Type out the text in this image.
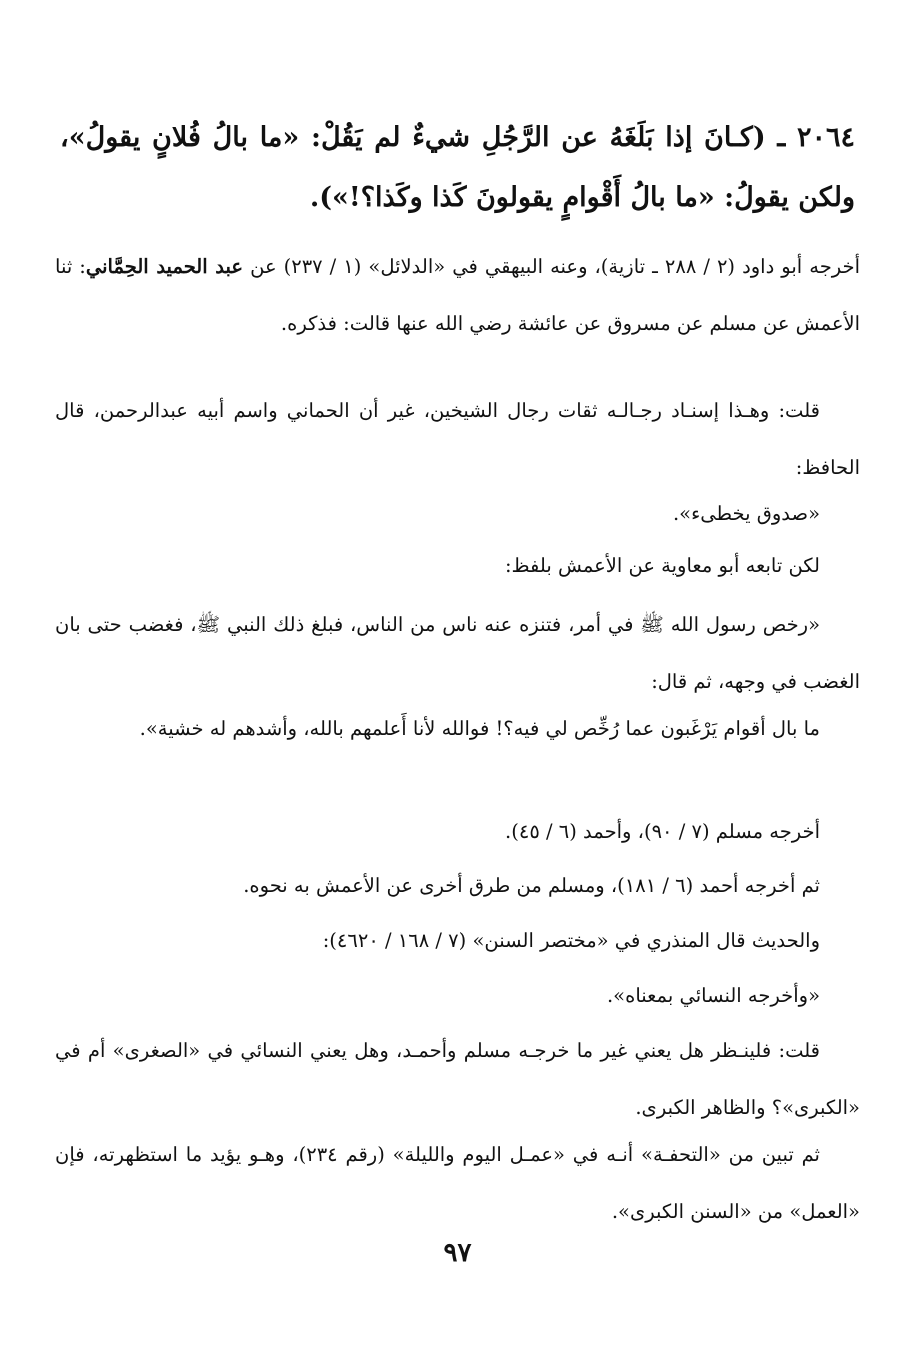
٢٠٦٤ ـ (كـانَ إذا بَلَغَهُ عن الرَّجُلِ شيءٌ لم يَقُلْ: «ما بالُ فُلانٍ يقولُ»، ولكن يقولُ: «ما بالُ أَقْوامٍ يقولونَ كَذا وكَذا؟!»).
أخرجه أبو داود (٢ / ٢٨٨ ـ تازية)، وعنه البيهقي في «الدلائل» (١ / ٢٣٧) عن عبد الحميد الحِمَّاني: ثنا الأعمش عن مسلم عن مسروق عن عائشة رضي الله عنها قالت: فذكره.
قلت: وهـذا إسنـاد رجـالـه ثقات رجال الشيخين، غير أن الحماني واسم أبيه عبدالرحمن، قال الحافظ:
«صدوق يخطىء».
لكن تابعه أبو معاوية عن الأعمش بلفظ:
«رخص رسول الله ﷺ في أمر، فتنزه عنه ناس من الناس، فبلغ ذلك النبي ﷺ، فغضب حتى بان الغضب في وجهه، ثم قال:
ما بال أقوام يَرْغَبون عما رُخِّص لي فيه؟! فوالله لأنا أَعلمهم بالله، وأشدهم له خشية».
أخرجه مسلم (٧ / ٩٠)، وأحمد (٦ / ٤٥).
ثم أخرجه أحمد (٦ / ١٨١)، ومسلم من طرق أخرى عن الأعمش به نحوه.
والحديث قال المنذري في «مختصر السنن» (٧ / ١٦٨ / ٤٦٢٠):
«وأخرجه النسائي بمعناه».
قلت: فلينـظر هل يعني غير ما خرجـه مسلم وأحمـد، وهل يعني النسائي في «الصغرى» أم في «الكبرى»؟ والظاهر الكبرى.
ثم تبين من «التحفـة» أنـه في «عمـل اليوم والليلة» (رقم ٢٣٤)، وهـو يؤيد ما استظهرته، فإن «العمل» من «السنن الكبرى».
٩٧
